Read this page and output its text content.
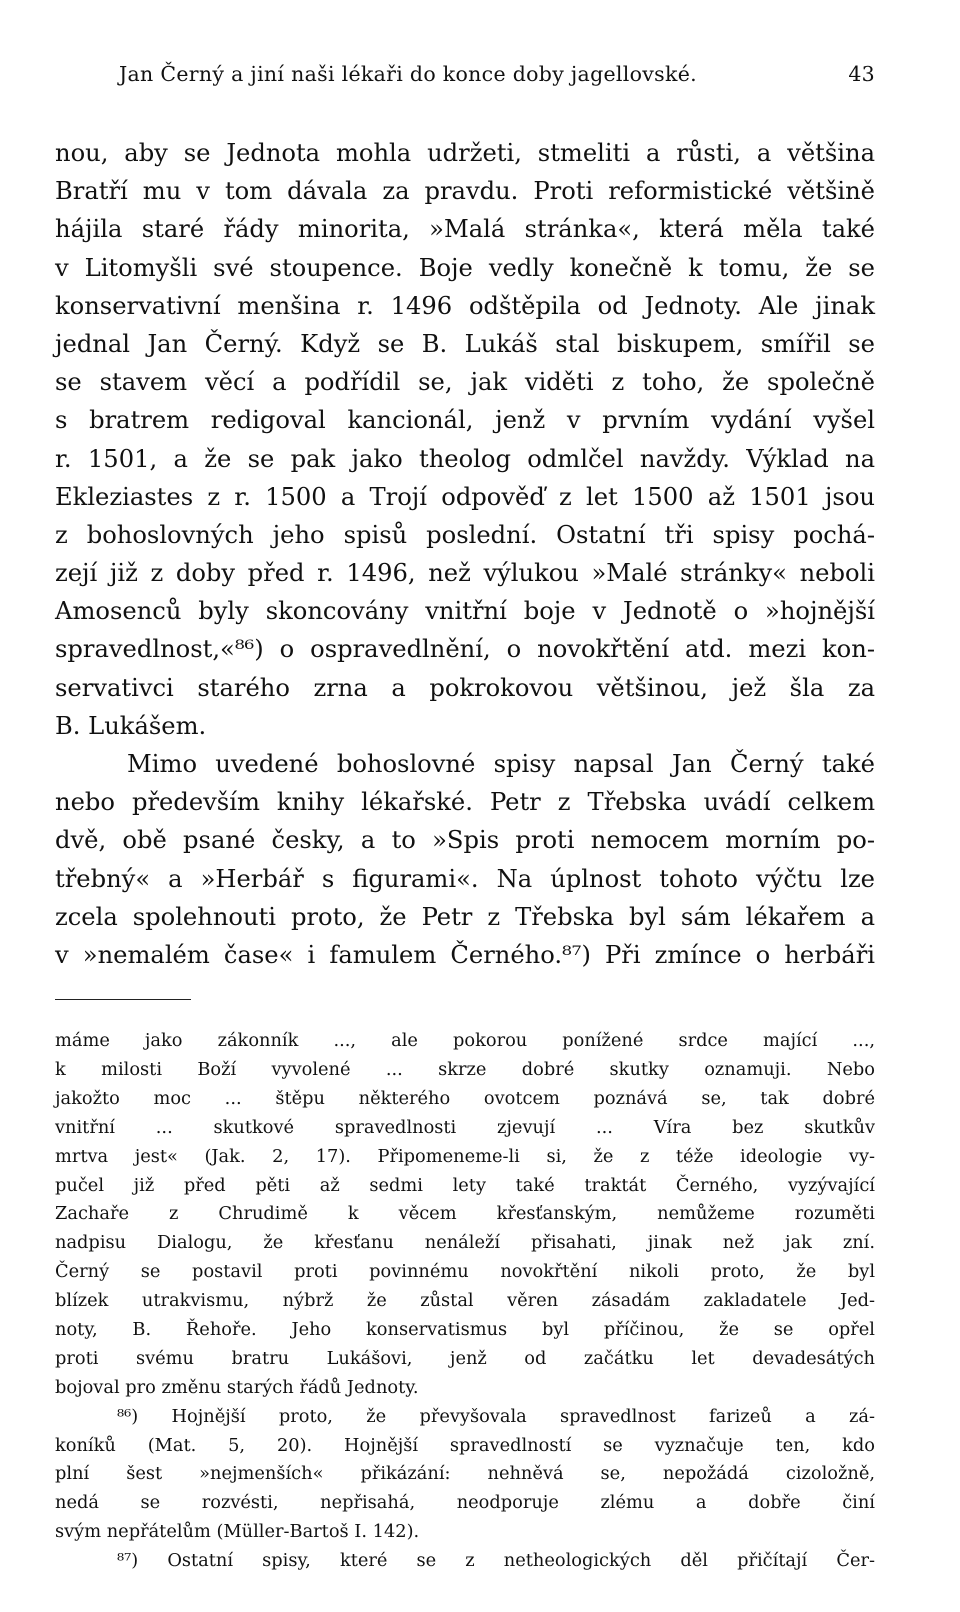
Jan Černý a jiní naši lékaři do konce doby jagellovské.	43
nou, aby se Jednota mohla udržeti, stmeliti a růsti, a většina
Bratří mu v tom dávala za pravdu. Proti reformistické většině
hájila staré řády minorita, »Malá stránka«, která měla také
v Litomyšli své stoupence. Boje vedly konečně k tomu, že se
konservativní menšina r. 1496 odštěpila od Jednoty. Ale jinak
jednal Jan Černý. Když se B. Lukáš stal biskupem, smířil se
se stavem věcí a podřídil se, jak viděti z toho, že společně
s bratrem redigoval kancionál, jenž v prvním vydání vyšel
r. 1501, a že se pak jako theolog odmlčel navždy. Výklad na
Ekleziastes z r. 1500 a Trojí odpověď z let 1500 až 1501 jsou
z bohoslovných jeho spisů poslední. Ostatní tři spisy pochá-
zejí již z doby před r. 1496, než výlukou »Malé stránky« neboli
Amosenců byly skoncovány vnitřní boje v Jednotě o »hojnější
spravedlnost,«⁸⁶) o ospravedlnění, o novokřtění atd. mezi kon-
servativci starého zrna a pokrokovou většinou, jež šla za
B. Lukášem.
Mimo uvedené bohoslovné spisy napsal Jan Černý také
nebo především knihy lékařské. Petr z Třebska uvádí celkem
dvě, obě psané česky, a to »Spis proti nemocem morním po-
třebný« a »Herbář s figurami«. Na úplnost tohoto výčtu lze
zcela spolehnouti proto, že Petr z Třebska byl sám lékařem a
v »nemalém čase« i famulem Černého.⁸⁷) Při zmínce o herbáři
máme jako zákonník ..., ale pokorou ponížené srdce mající ...,
k milosti Boží vyvolené ... skrze dobré skutky oznamuji. Nebo
jakožto moc ... štěpu některého ovotcem poznává se, tak dobré
vnitřní ... skutkové spravedlnosti zjevují ... Víra bez skutkův
mrtva jest« (Jak. 2, 17). Připomeneme-li si, že z téže ideologie vy-
pučel již před pěti až sedmi lety také traktát Černého, vyzývající
Zachaře z Chrudimě k věcem křesťanským, nemůžeme rozuměti
nadpisu Dialogu, že křesťanu nenáleží přisahati, jinak než jak zní.
Černý se postavil proti povinnému novokřtění nikoli proto, že byl
blízek utrakvismu, nýbrž že zůstal věren zásadám zakladatele Jed-
noty, B. Řehoře. Jeho konservatismus byl příčinou, že se opřel
proti svému bratru Lukášovi, jenž od začátku let devadesátých
bojoval pro změnu starých řádů Jednoty.
⁸⁶) Hojnější proto, že převyšovala spravedlnost farizeů a zá-
koníků (Mat. 5, 20). Hojnější spravedlností se vyznačuje ten, kdo
plní šest »nejmenších« přikázání: nehněvá se, nepožádá cizoložně,
nedá se rozvésti, nepřisahá, neodporuje zlému a dobře činí
svým nepřátelům (Müller-Bartoš I. 142).
⁸⁷) Ostatní spisy, které se z netheologických děl přičítají Čer-
